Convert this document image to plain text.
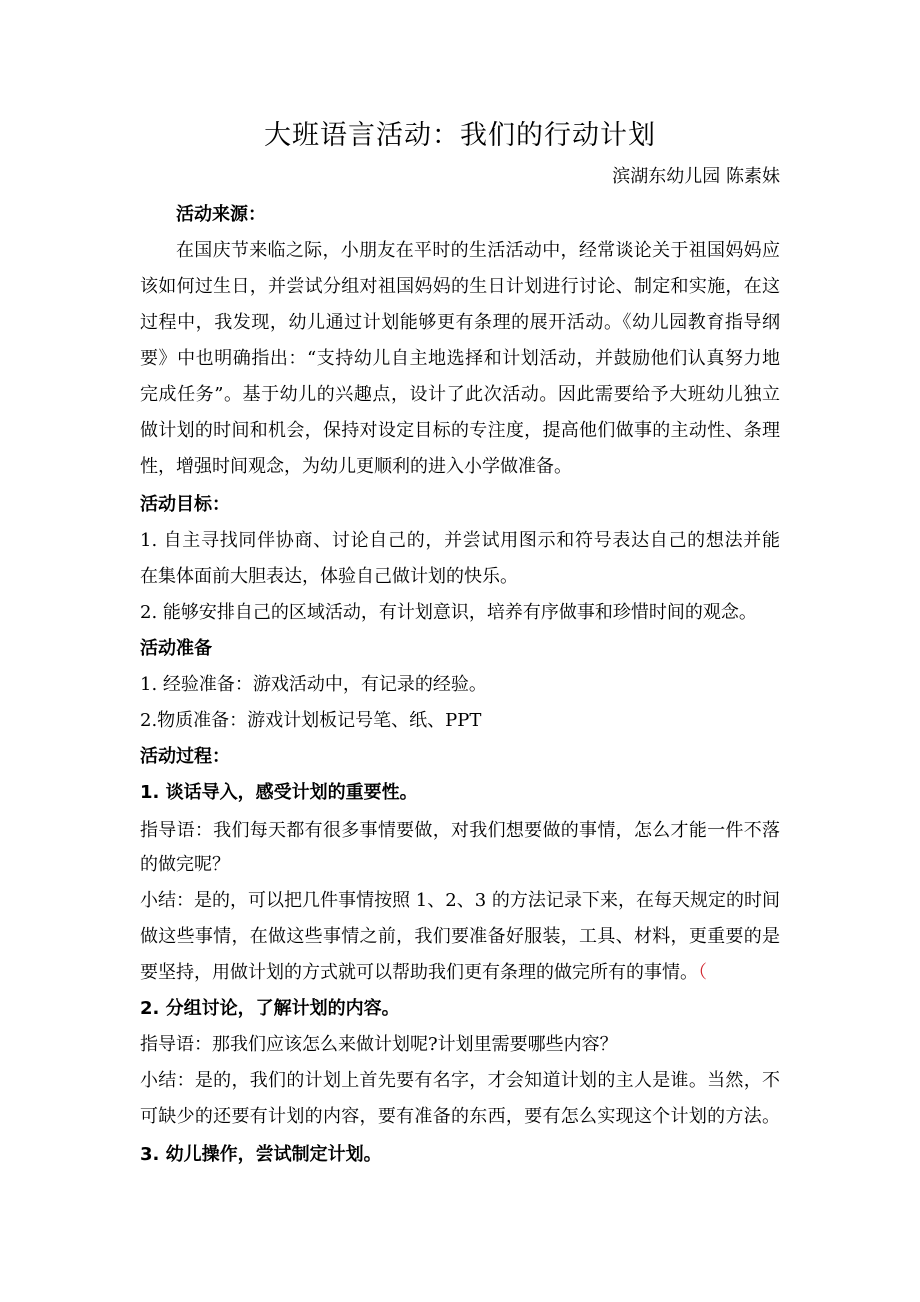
大班语言活动：我们的行动计划
滨湖东幼儿园 陈素妹
活动来源：
在国庆节来临之际，小朋友在平时的生活活动中，经常谈论关于祖国妈妈应
该如何过生日，并尝试分组对祖国妈妈的生日计划进行讨论、制定和实施，在这
过程中，我发现，幼儿通过计划能够更有条理的展开活动。《幼儿园教育指导纲
要》中也明确指出：“支持幼儿自主地选择和计划活动，并鼓励他们认真努力地
完成任务”。基于幼儿的兴趣点，设计了此次活动。因此需要给予大班幼儿独立
做计划的时间和机会，保持对设定目标的专注度，提高他们做事的主动性、条理
性，增强时间观念，为幼儿更顺利的进入小学做准备。
活动目标：
1. 自主寻找同伴协商、讨论自己的，并尝试用图示和符号表达自己的想法并能
在集体面前大胆表达，体验自己做计划的快乐。
2. 能够安排自己的区域活动，有计划意识，培养有序做事和珍惜时间的观念。
活动准备
1. 经验准备：游戏活动中，有记录的经验。
2.物质准备：游戏计划板记号笔、纸、PPT
活动过程：
1. 谈话导入，感受计划的重要性。
指导语：我们每天都有很多事情要做，对我们想要做的事情，怎么才能一件不落
的做完呢？
小结：是的，可以把几件事情按照 1、2、3 的方法记录下来，在每天规定的时间
做这些事情，在做这些事情之前，我们要准备好服装，工具、材料，更重要的是
要坚持，用做计划的方式就可以帮助我们更有条理的做完所有的事情。（
2. 分组讨论，了解计划的内容。
指导语：那我们应该怎么来做计划呢?计划里需要哪些内容？
小结：是的，我们的计划上首先要有名字，才会知道计划的主人是谁。当然，不
可缺少的还要有计划的内容，要有准备的东西，要有怎么实现这个计划的方法。
3. 幼儿操作，尝试制定计划。
